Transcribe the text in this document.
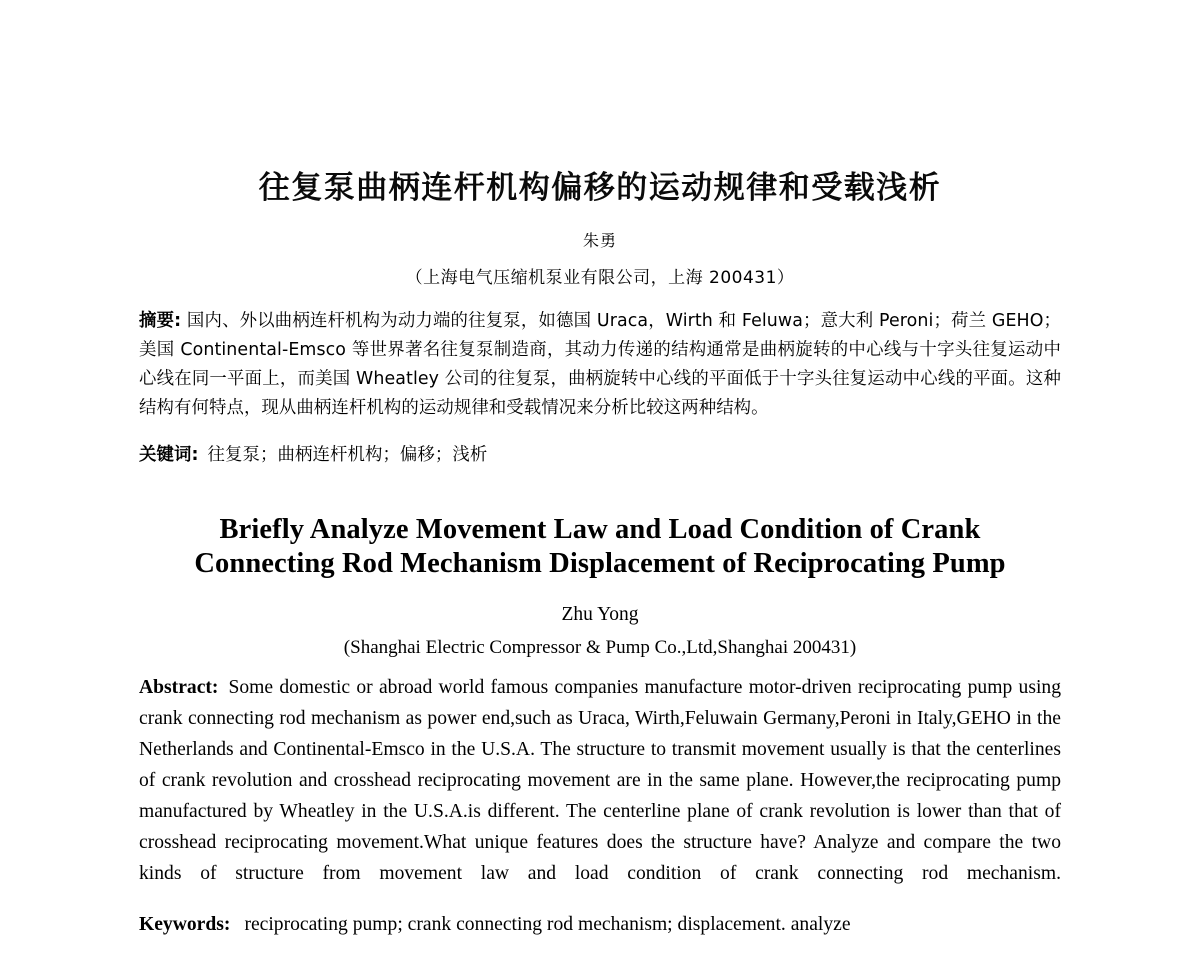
往复泵曲柄连杆机构偏移的运动规律和受载浅析
朱勇
（上海电气压缩机泵业有限公司，上海 200431）

摘要: 国内、外以曲柄连杆机构为动力端的往复泵，如德国 Uraca，Wirth 和 Feluwa；意大利 Peroni；荷兰 GEHO；美国 Continental-Emsco 等世界著名往复泵制造商，其动力传递的结构通常是曲柄旋转的中心线与十字头往复运动中心线在同一平面上，而美国 Wheatley 公司的往复泵，曲柄旋转中心线的平面低于十字头往复运动中心线的平面。这种结构有何特点，现从曲柄连杆机构的运动规律和受载情况来分析比较这两种结构。

关键词: 往复泵；曲柄连杆机构；偏移；浅析

Briefly Analyze Movement Law and Load Condition of Crank
Connecting Rod Mechanism Displacement of Reciprocating Pump
Zhu Yong
(Shanghai Electric Compressor & Pump Co.,Ltd,Shanghai 200431)

Abstract: Some domestic or abroad world famous companies manufacture motor-driven reciprocating pump using crank connecting rod mechanism as power end,such as Uraca, Wirth,Feluwain Germany,Peroni in Italy,GEHO in the Netherlands and Continental-Emsco in the U.S.A. The structure to transmit movement usually is that the centerlines of crank revolution and crosshead reciprocating movement are in the same plane. However,the reciprocating pump manufactured by Wheatley in the U.S.A.is different. The centerline plane of crank revolution is lower than that of crosshead reciprocating movement.What unique features does the structure have? Analyze and compare the two kinds of structure from movement law and load condition of crank connecting rod mechanism.

Keywords: reciprocating pump; crank connecting rod mechanism; displacement. analyze
